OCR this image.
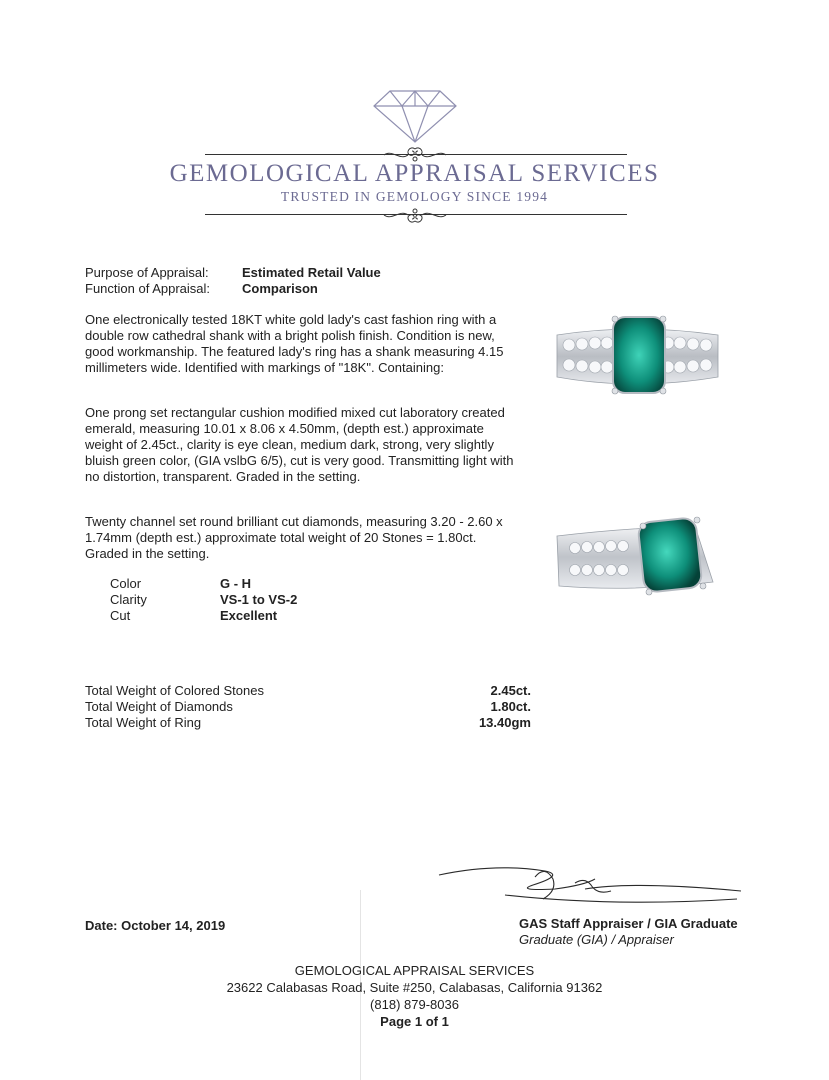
GEMOLOGICAL APPRAISAL SERVICES
TRUSTED IN GEMOLOGY SINCE 1994
Purpose of Appraisal:	Estimated Retail Value
Function of Appraisal: Comparison
One electronically tested 18KT white gold lady's cast fashion ring with a double row cathedral shank with a bright polish finish. Condition is new, good workmanship. The featured lady's ring has a shank measuring 4.15 millimeters wide. Identified with markings of "18K". Containing:
One prong set rectangular cushion modified mixed cut laboratory created emerald, measuring 10.01 x 8.06 x 4.50mm, (depth est.) approximate weight of 2.45ct., clarity is eye clean, medium dark, strong, very slightly bluish green color, (GIA vslbG 6/5), cut is very good. Transmitting light with no distortion, transparent. Graded in the setting.
Twenty channel set round brilliant cut diamonds, measuring 3.20 - 2.60 x 1.74mm (depth est.) approximate total weight of 20 Stones = 1.80ct. Graded in the setting.
Color	G - H
Clarity	VS-1 to VS-2
Cut	Excellent
Total Weight of Colored Stones	2.45ct.
Total Weight of Diamonds	1.80ct.
Total Weight of Ring	13.40gm
Date: October 14, 2019	GAS Staff Appraiser / GIA Graduate
Graduate (GIA) / Appraiser
GEMOLOGICAL APPRAISAL SERVICES
23622 Calabasas Road, Suite #250, Calabasas, California 91362
(818) 879-8036
Page 1 of 1
